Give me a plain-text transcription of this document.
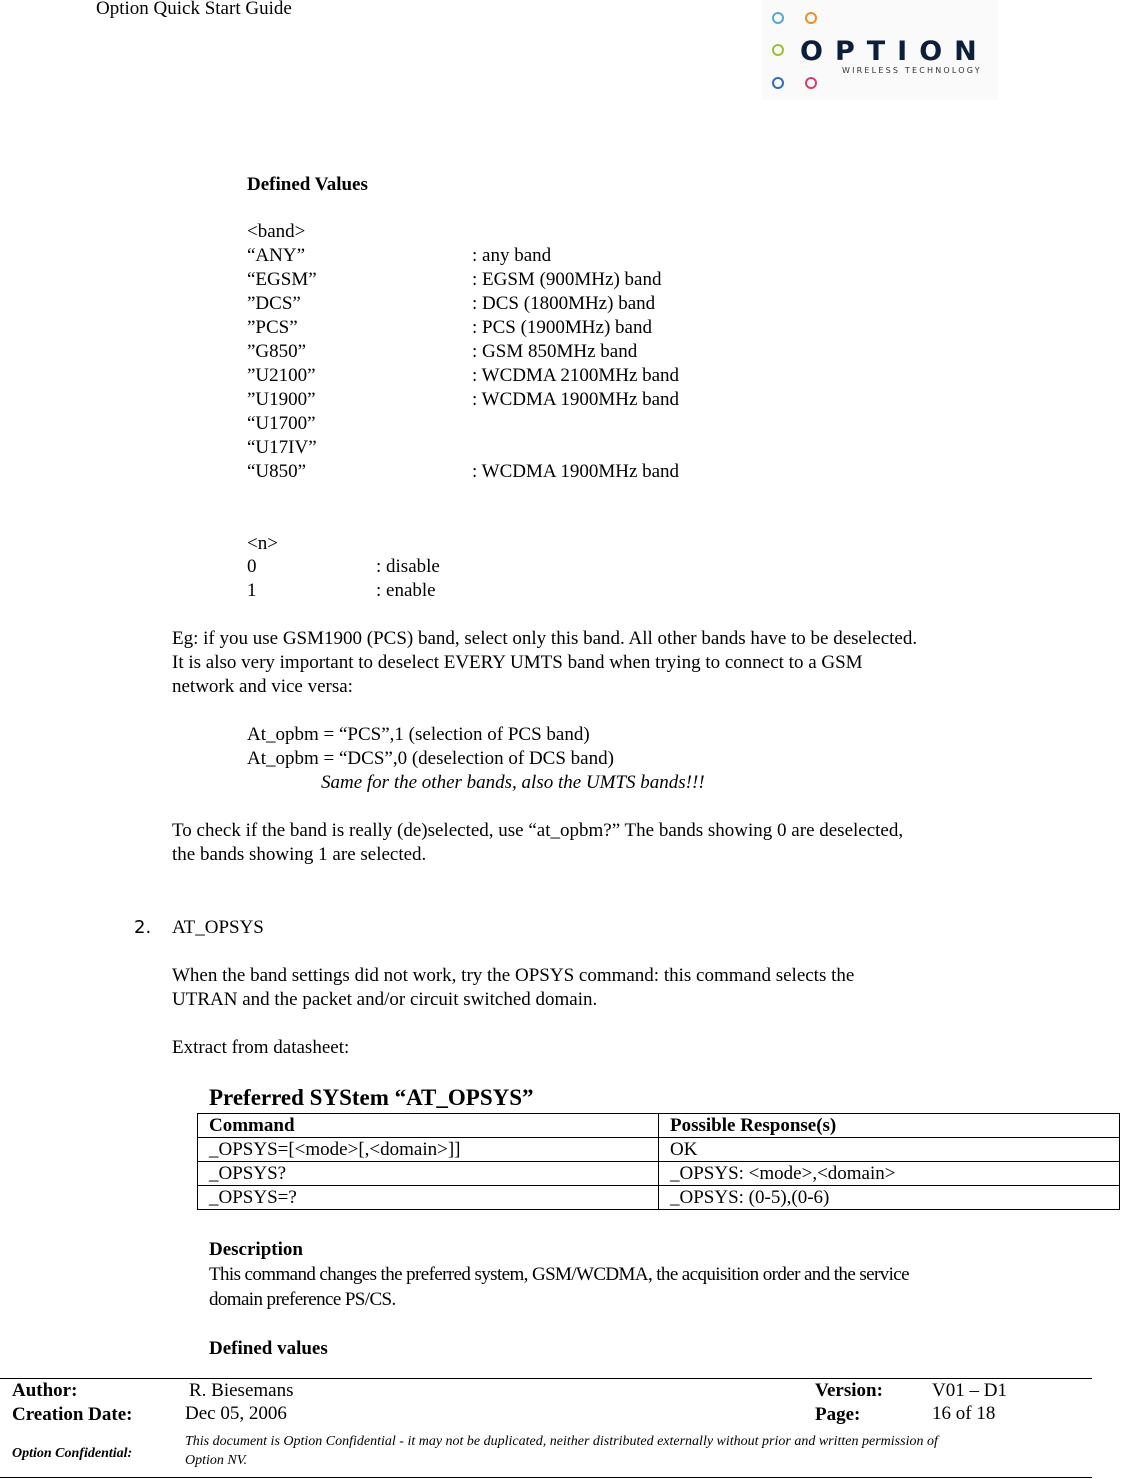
Option Quick Start Guide
OPTION
WIRELESS TECHNOLOGY
Defined Values
<band>
“ANY”	: any band
“EGSM”	: EGSM (900MHz) band
”DCS”	: DCS (1800MHz) band
”PCS”	: PCS (1900MHz) band
”G850”	: GSM 850MHz band
”U2100”	: WCDMA 2100MHz band
”U1900”	: WCDMA 1900MHz band
“U1700”
“U17IV”
“U850”	: WCDMA 1900MHz band
<n>
0	: disable
1	: enable
Eg: if you use GSM1900 (PCS) band, select only this band. All other bands have to be deselected.
It is also very important to deselect EVERY UMTS band when trying to connect to a GSM
network and vice versa:
At_opbm = “PCS”,1 (selection of PCS band)
At_opbm = “DCS”,0 (deselection of DCS band)
Same for the other bands, also the UMTS bands!!!
To check if the band is really (de)selected, use “at_opbm?” The bands showing 0 are deselected,
the bands showing 1 are selected.
2. AT_OPSYS
When the band settings did not work, try the OPSYS command: this command selects the
UTRAN and the packet and/or circuit switched domain.
Extract from datasheet:
Preferred SYStem “AT_OPSYS”
Command	Possible Response(s)
_OPSYS=[<mode>[,<domain>]]	OK
_OPSYS?	_OPSYS: <mode>,<domain>
_OPSYS=?	_OPSYS: (0-5),(0-6)
Description
This command changes the preferred system, GSM/WCDMA, the acquisition order and the service
domain preference PS/CS.
Defined values
Author:	R. Biesemans	Version:	V01 – D1
Creation Date:	Dec 05, 2006	Page:	16 of 18
Option Confidential:
This document is Option Confidential - it may not be duplicated, neither distributed externally without prior and written permission of
Option NV.
